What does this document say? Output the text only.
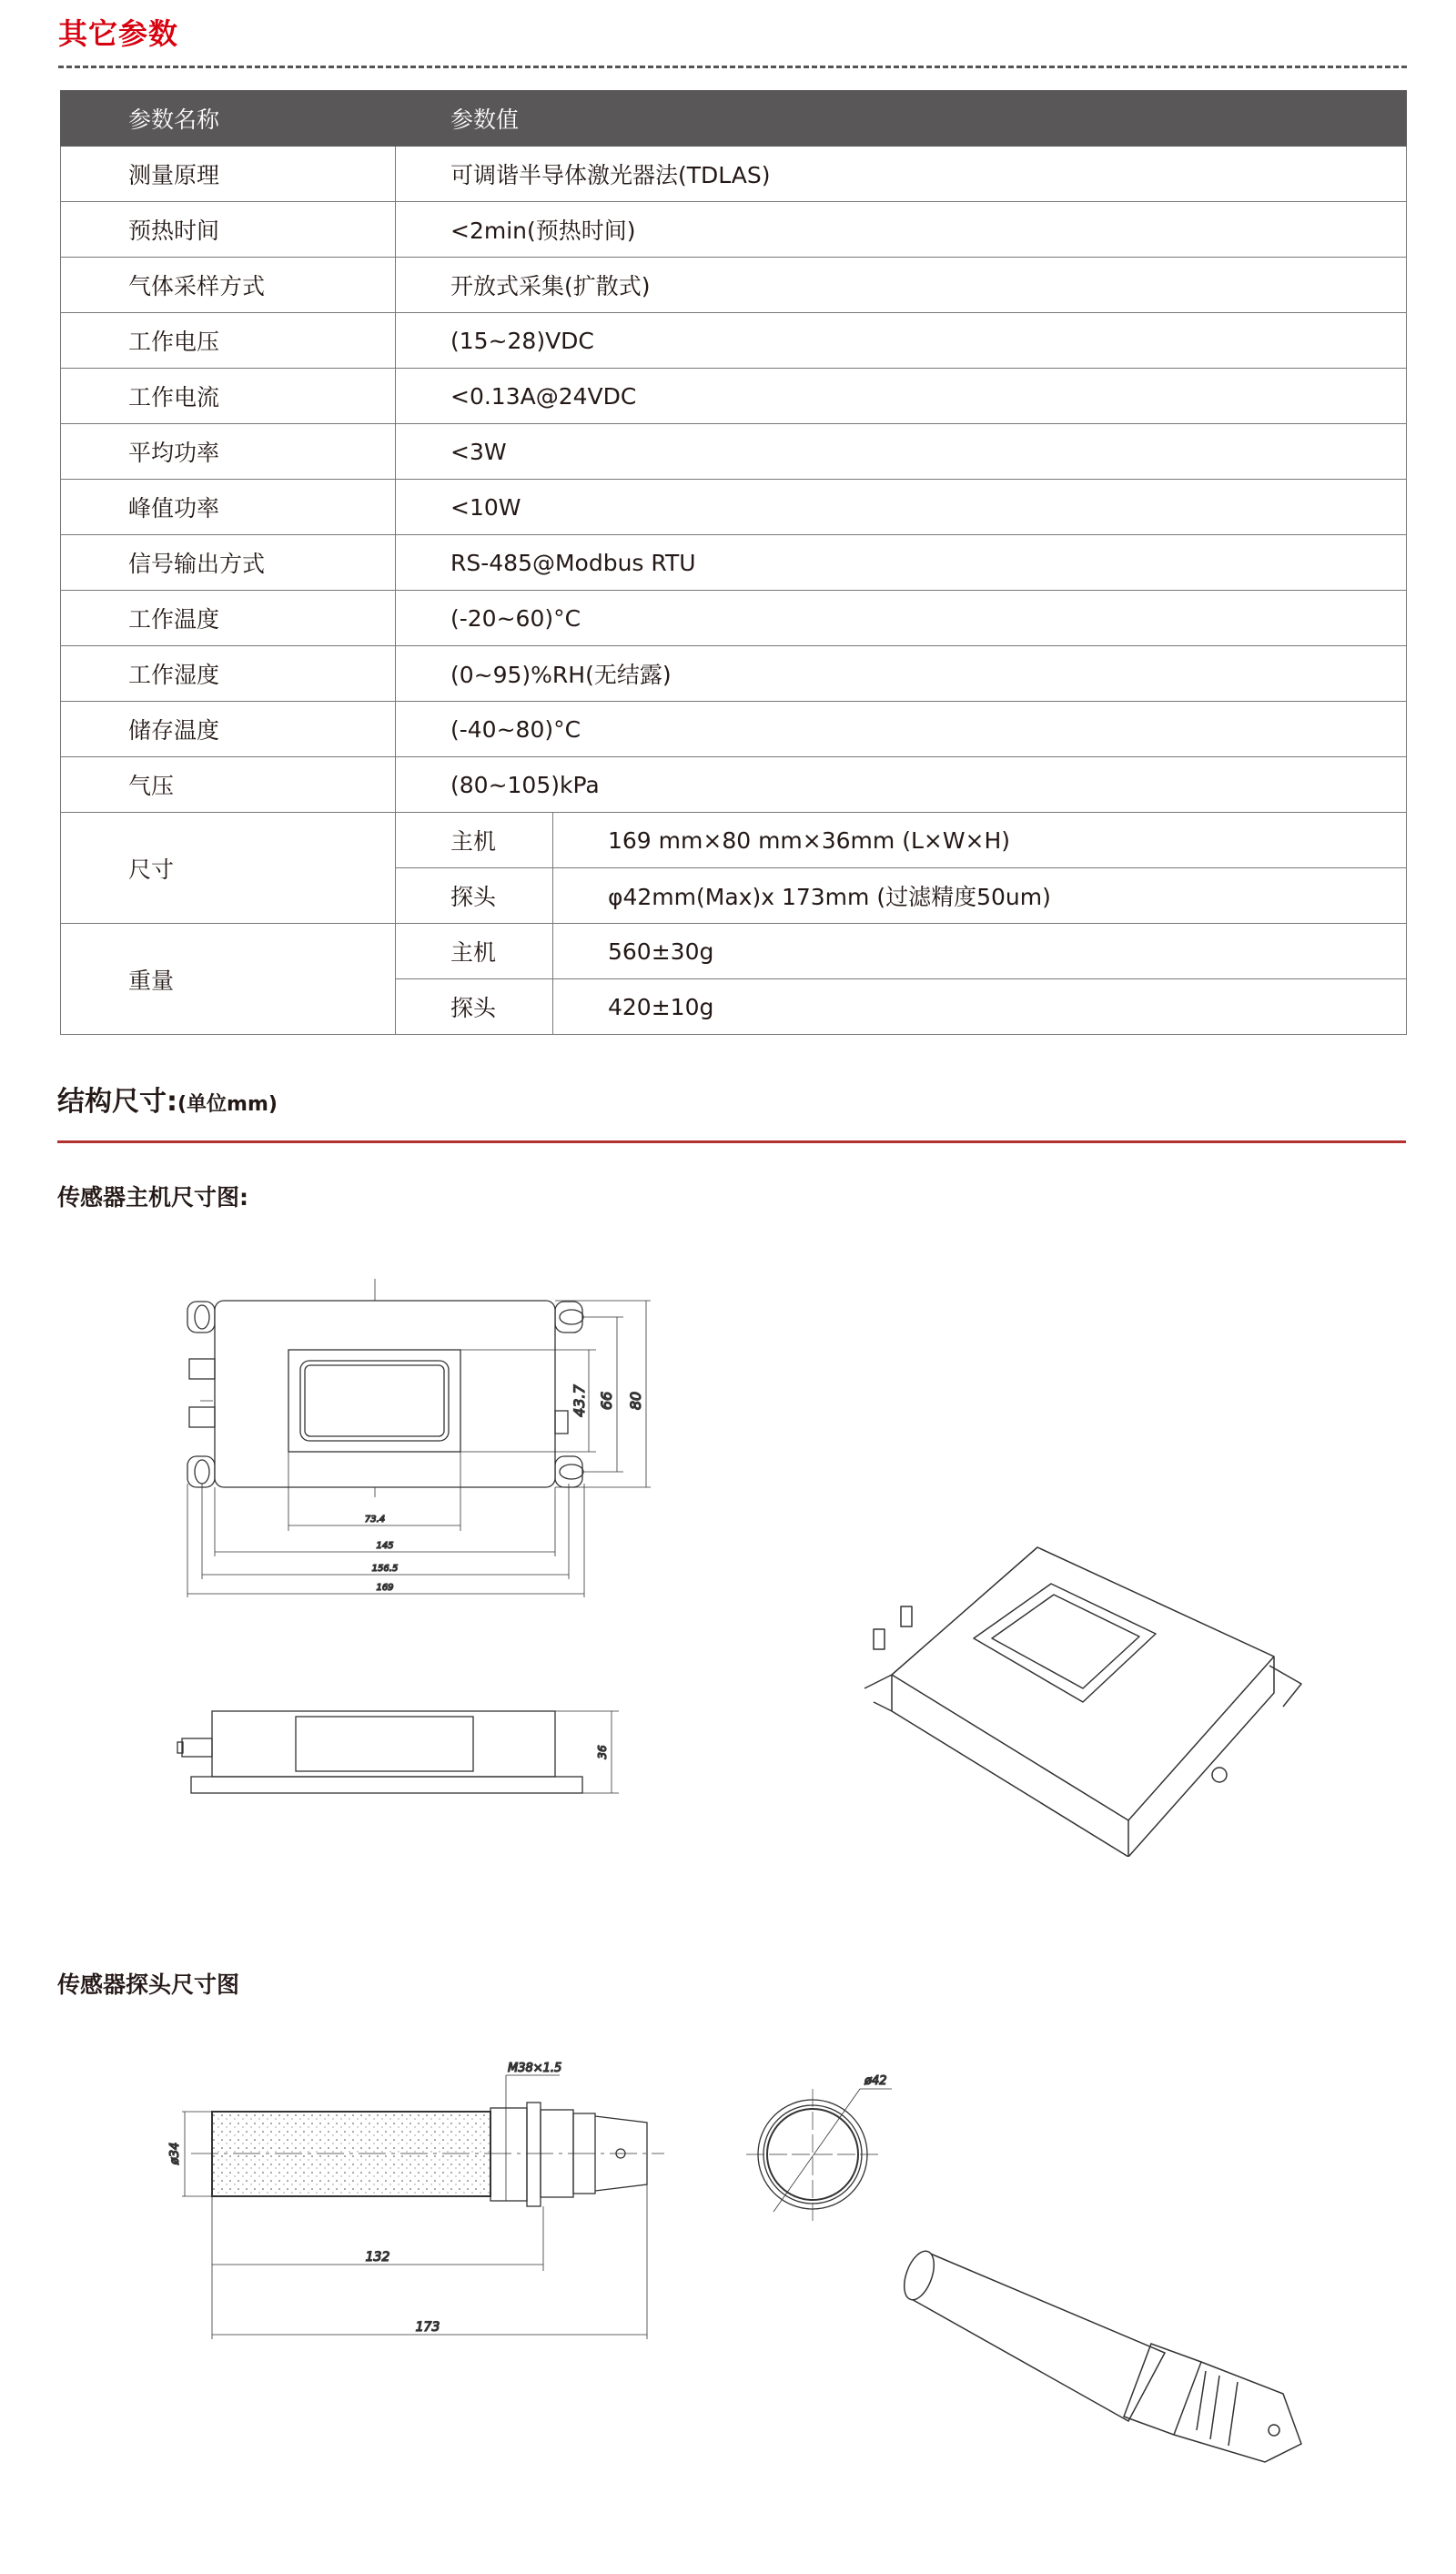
其它参数
参数名称	参数值	
测量原理	可调谐半导体激光器法(TDLAS)	
预热时间	<2min(预热时间)	
气体采样方式	开放式采集(扩散式)	
工作电压	(15~28)VDC	
工作电流	<0.13A@24VDC	
平均功率	<3W	
峰值功率	<10W	
信号输出方式	RS-485@Modbus RTU	
工作温度	(-20~60)°C	
工作湿度	(0~95)%RH(无结露)	
储存温度	(-40~80)°C	
气压	(80~105)kPa	
尺寸	主机	169 mm×80 mm×36mm (L×W×H)
	探头	φ42mm(Max)x 173mm (过滤精度50um)
重量	主机	560±30g
	探头	420±10g
结构尺寸:(单位mm)
传感器主机尺寸图:
73.4
145
156.5
169
43.7 66 80
36
传感器探头尺寸图
M38×1.5
ø34
132
173
ø42
